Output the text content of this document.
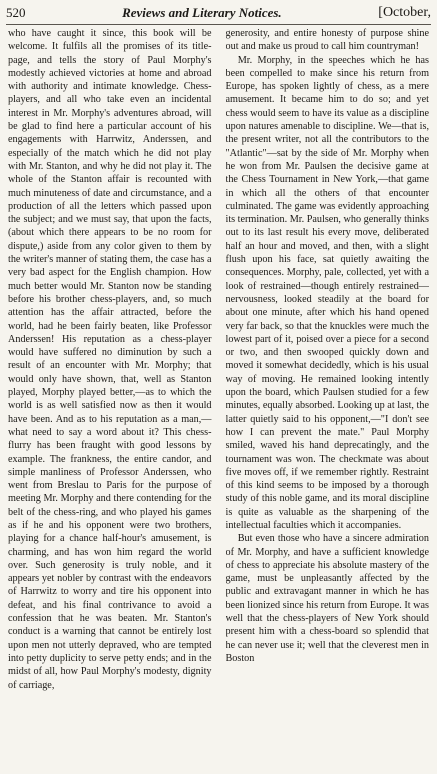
520	Reviews and Literary Notices.	[October,

who have caught it since, this book will be welcome. It fulfils all the promises of its title-page, and tells the story of Paul Morphy's modestly achieved victories at home and abroad with authority and intimate knowledge. Chess-players, and all who take even an incidental interest in Mr. Morphy's adventures abroad, will be glad to find here a particular account of his engagements with Harrwitz, Anderssen, and especially of the match which he did not play with Mr. Stanton, and why he did not play it. The whole of the Stanton affair is recounted with much minuteness of date and circumstance, and a production of all the letters which passed upon the subject; and we must say, that upon the facts, (about which there appears to be no room for dispute,) aside from any color given to them by the writer's manner of stating them, the case has a very bad aspect for the English champion. How much better would Mr. Stanton now be standing before his brother chess-players, and, so much attention has the affair attracted, before the world, had he been fairly beaten, like Professor Anderssen! His reputation as a chess-player would have suffered no diminution by such a result of an encounter with Mr. Morphy; that would only have shown, that, well as Stanton played, Morphy played better,—as to which the world is as well satisfied now as then it would have been. And as to his reputation as a man,—what need to say a word about it? This chess-flurry has been fraught with good lessons by example. The frankness, the entire candor, and simple manliness of Professor Anderssen, who went from Breslau to Paris for the purpose of meeting Mr. Morphy and there contending for the belt of the chess-ring, and who played his games as if he and his opponent were two brothers, playing for a chance half-hour's amusement, is charming, and has won him regard the world over. Such generosity is truly noble, and it appears yet nobler by contrast with the endeavors of Harrwitz to worry and tire his opponent into defeat, and his final contrivance to avoid a confession that he was beaten. Mr. Stanton's conduct is a warning that cannot be entirely lost upon men not utterly depraved, who are tempted into petty duplicity to serve petty ends; and in the midst of all, how Paul Morphy's modesty, dignity of carriage,

generosity, and entire honesty of purpose shine out and make us proud to call him countryman!

Mr. Morphy, in the speeches which he has been compelled to make since his return from Europe, has spoken lightly of chess, as a mere amusement. It became him to do so; and yet chess would seem to have its value as a discipline upon natures amenable to discipline. We—that is, the present writer, not all the contributors to the "Atlantic"—sat by the side of Mr. Morphy when he won from Mr. Paulsen the decisive game at the Chess Tournament in New York,—that game in which all the others of that encounter culminated. The game was evidently approaching its termination. Mr. Paulsen, who generally thinks out to its last result his every move, deliberated half an hour and moved, and then, with a slight flush upon his face, sat quietly awaiting the consequences. Morphy, pale, collected, yet with a look of restrained—though entirely restrained—nervousness, looked steadily at the board for about one minute, after which his hand opened very far back, so that the knuckles were much the lowest part of it, poised over a piece for a second or two, and then swooped quickly down and moved it somewhat decidedly, which is his usual way of moving. He remained looking intently upon the board, which Paulsen studied for a few minutes, equally absorbed. Looking up at last, the latter quietly said to his opponent,—"I don't see how I can prevent the mate." Paul Morphy smiled, waved his hand deprecatingly, and the tournament was won. The checkmate was about five moves off, if we remember rightly. Restraint of this kind seems to be imposed by a thorough study of this noble game, and its moral discipline is quite as valuable as the sharpening of the intellectual faculties which it accompanies.

But even those who have a sincere admiration of Mr. Morphy, and have a sufficient knowledge of chess to appreciate his absolute mastery of the game, must be unpleasantly affected by the public and extravagant manner in which he has been lionized since his return from Europe. It was well that the chess-players of New York should present him with a chess-board so splendid that he can never use it; well that the cleverest men in Boston
